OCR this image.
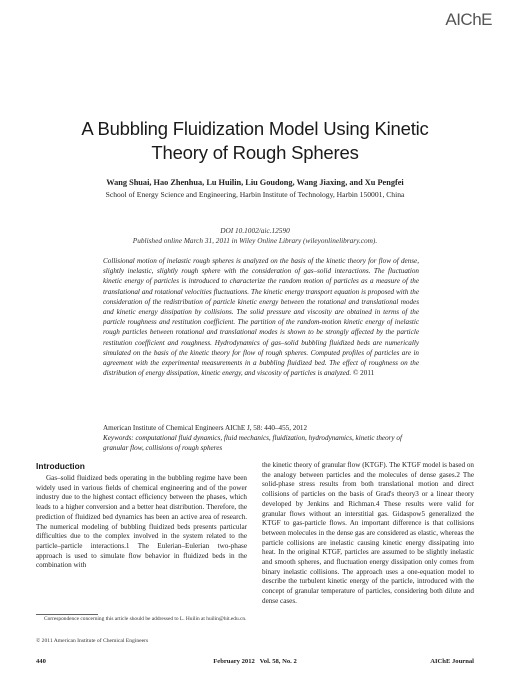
AIChE
A Bubbling Fluidization Model Using Kinetic
Theory of Rough Spheres
Wang Shuai, Hao Zhenhua, Lu Huilin, Liu Goudong, Wang Jiaxing, and Xu Pengfei
School of Energy Science and Engineering, Harbin Institute of Technology, Harbin 150001, China
DOI 10.1002/aic.12590
Published online March 31, 2011 in Wiley Online Library (wileyonlinelibrary.com).
Collisional motion of inelastic rough spheres is analyzed on the basis of the kinetic theory for flow of dense, slightly inelastic, slightly rough sphere with the consideration of gas–solid interactions. The fluctuation kinetic energy of particles is introduced to characterize the random motion of particles as a measure of the translational and rotational velocities fluctuations. The kinetic energy transport equation is proposed with the consideration of the redistribution of particle kinetic energy between the rotational and translational modes and kinetic energy dissipation by collisions. The solid pressure and viscosity are obtained in terms of the particle roughness and restitution coefficient. The partition of the random-motion kinetic energy of inelastic rough particles between rotational and translational modes is shown to be strongly affected by the particle restitution coefficient and roughness. Hydrodynamics of gas–solid bubbling fluidized beds are numerically simulated on the basis of the kinetic theory for flow of rough spheres. Computed profiles of particles are in agreement with the experimental measurements in a bubbling fluidized bed. The effect of roughness on the distribution of energy dissipation, kinetic energy, and viscosity of particles is analyzed. © 2011
American Institute of Chemical Engineers AIChE J, 58: 440–455, 2012
Keywords: computational fluid dynamics, fluid mechanics, fluidization, hydrodynamics, kinetic theory of granular flow, collisions of rough spheres
Introduction
Gas–solid fluidized beds operating in the bubbling regime have been widely used in various fields of chemical engineering and of the power industry due to the highest contact efficiency between the phases, which leads to a higher conversion and a better heat distribution. Therefore, the prediction of fluidized bed dynamics has been an active area of research. The numerical modeling of bubbling fluidized beds presents particular difficulties due to the complex involved in the system related to the particle–particle interactions.1 The Eulerian–Eulerian two-phase approach is used to simulate flow behavior in fluidized beds in the combination with
the kinetic theory of granular flow (KTGF). The KTGF model is based on the analogy between particles and the molecules of dense gases.2 The solid-phase stress results from both translational motion and direct collisions of particles on the basis of Grad's theory3 or a linear theory developed by Jenkins and Richman.4 These results were valid for granular flows without an interstitial gas. Gidaspow5 generalized the KTGF to gas-particle flows. An important difference is that collisions between molecules in the dense gas are considered as elastic, whereas the particle collisions are inelastic causing kinetic energy dissipating into heat. In the original KTGF, particles are assumed to be slightly inelastic and smooth spheres, and fluctuation energy dissipation only comes from binary inelastic collisions. The approach uses a one-equation model to describe the turbulent kinetic energy of the particle, introduced with the concept of granular temperature of particles, considering both dilute and dense cases.
Correspondence concerning this article should be addressed to L. Huilin at huilin@hit.edu.cn.
© 2011 American Institute of Chemical Engineers
440	February 2012   Vol. 58, No. 2	AIChE Journal
